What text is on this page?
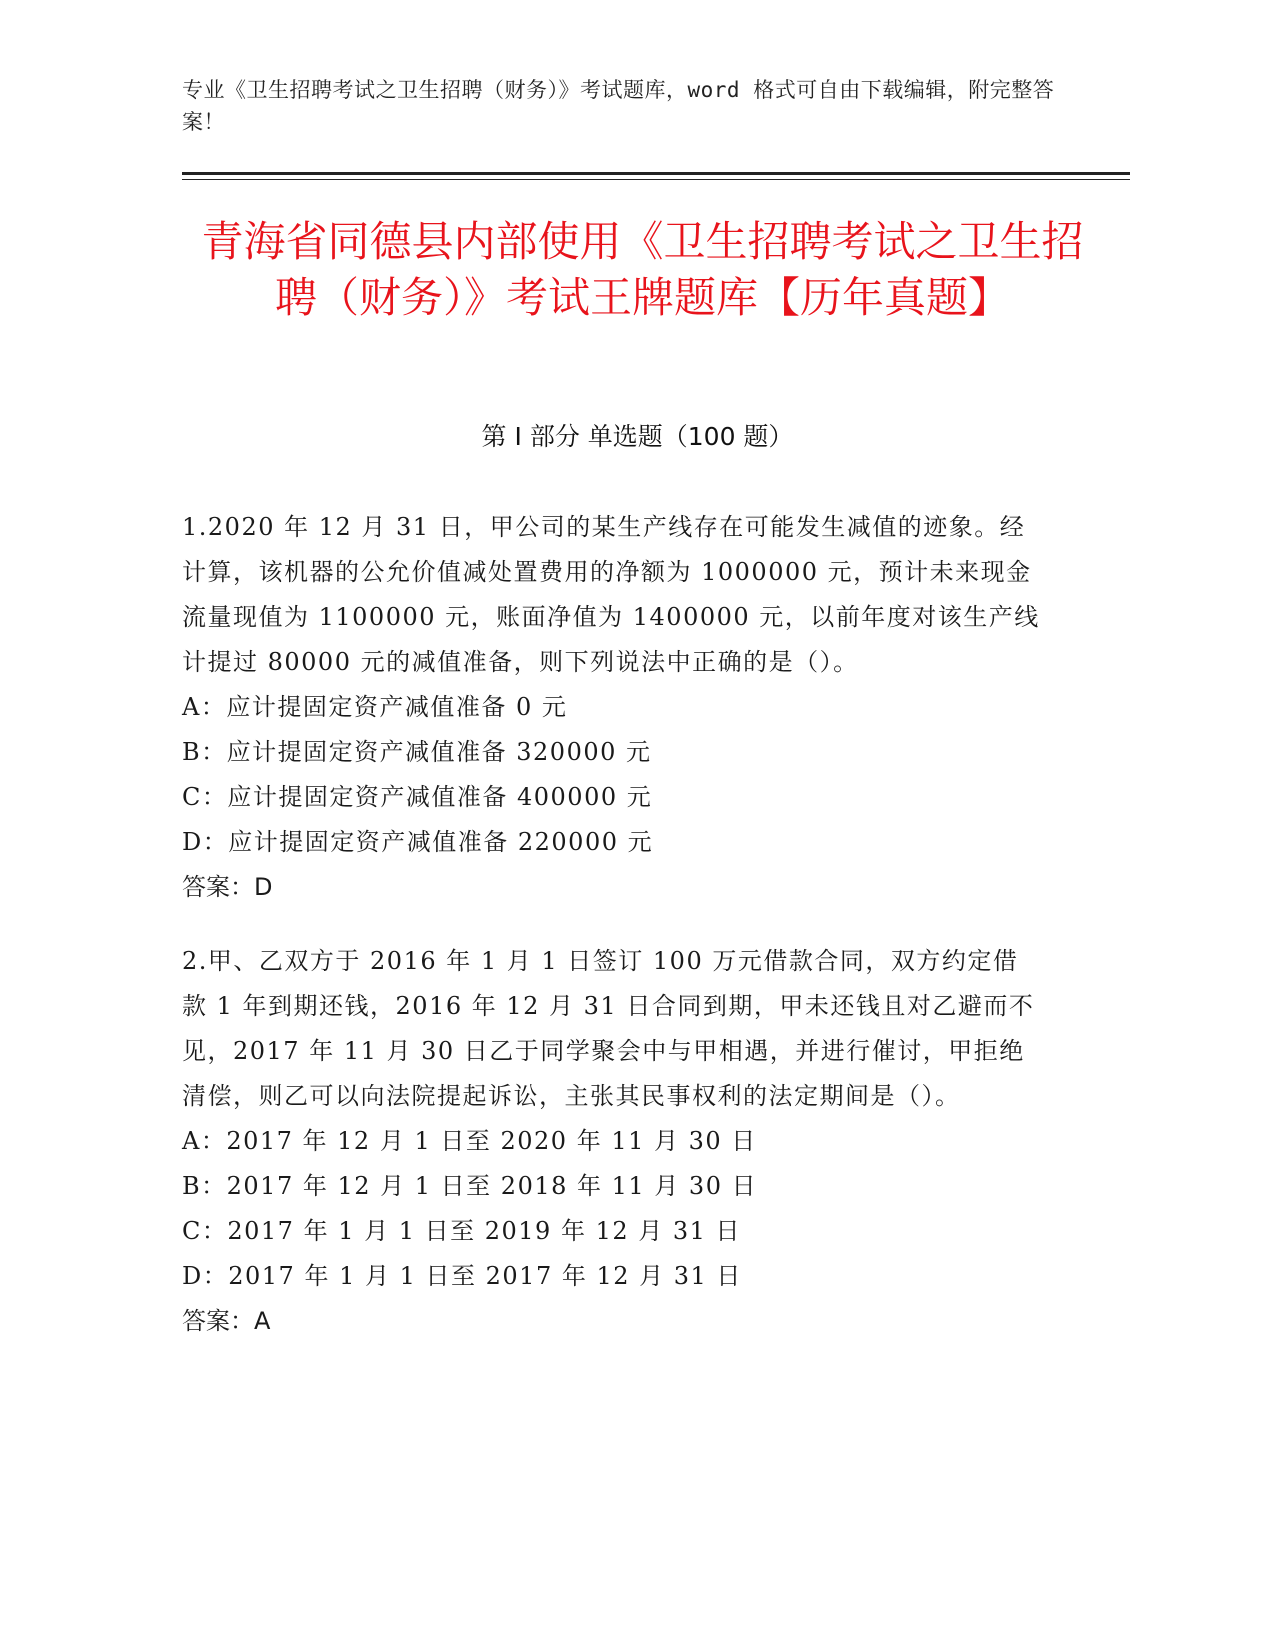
专业《卫生招聘考试之卫生招聘（财务）》考试题库，word 格式可自由下载编辑，附完整答案！
青海省同德县内部使用《卫生招聘考试之卫生招聘（财务）》考试王牌题库【历年真题】
第 I 部分 单选题（100 题）

1.2020 年 12 月 31 日，甲公司的某生产线存在可能发生减值的迹象。经计算，该机器的公允价值减处置费用的净额为 1000000 元，预计未来现金流量现值为 1100000 元，账面净值为 1400000 元，以前年度对该生产线计提过 80000 元的减值准备，则下列说法中正确的是（）。

A：应计提固定资产减值准备 0 元

B：应计提固定资产减值准备 320000 元

C：应计提固定资产减值准备 400000 元

D：应计提固定资产减值准备 220000 元

答案：D

2.甲、乙双方于 2016 年 1 月 1 日签订 100 万元借款合同，双方约定借款 1 年到期还钱，2016 年 12 月 31 日合同到期，甲未还钱且对乙避而不见，2017 年 11 月 30 日乙于同学聚会中与甲相遇，并进行催讨，甲拒绝清偿，则乙可以向法院提起诉讼，主张其民事权利的法定期间是（）。

A：2017 年 12 月 1 日至 2020 年 11 月 30 日

B：2017 年 12 月 1 日至 2018 年 11 月 30 日

C：2017 年 1 月 1 日至 2019 年 12 月 31 日

D：2017 年 1 月 1 日至 2017 年 12 月 31 日

答案：A
